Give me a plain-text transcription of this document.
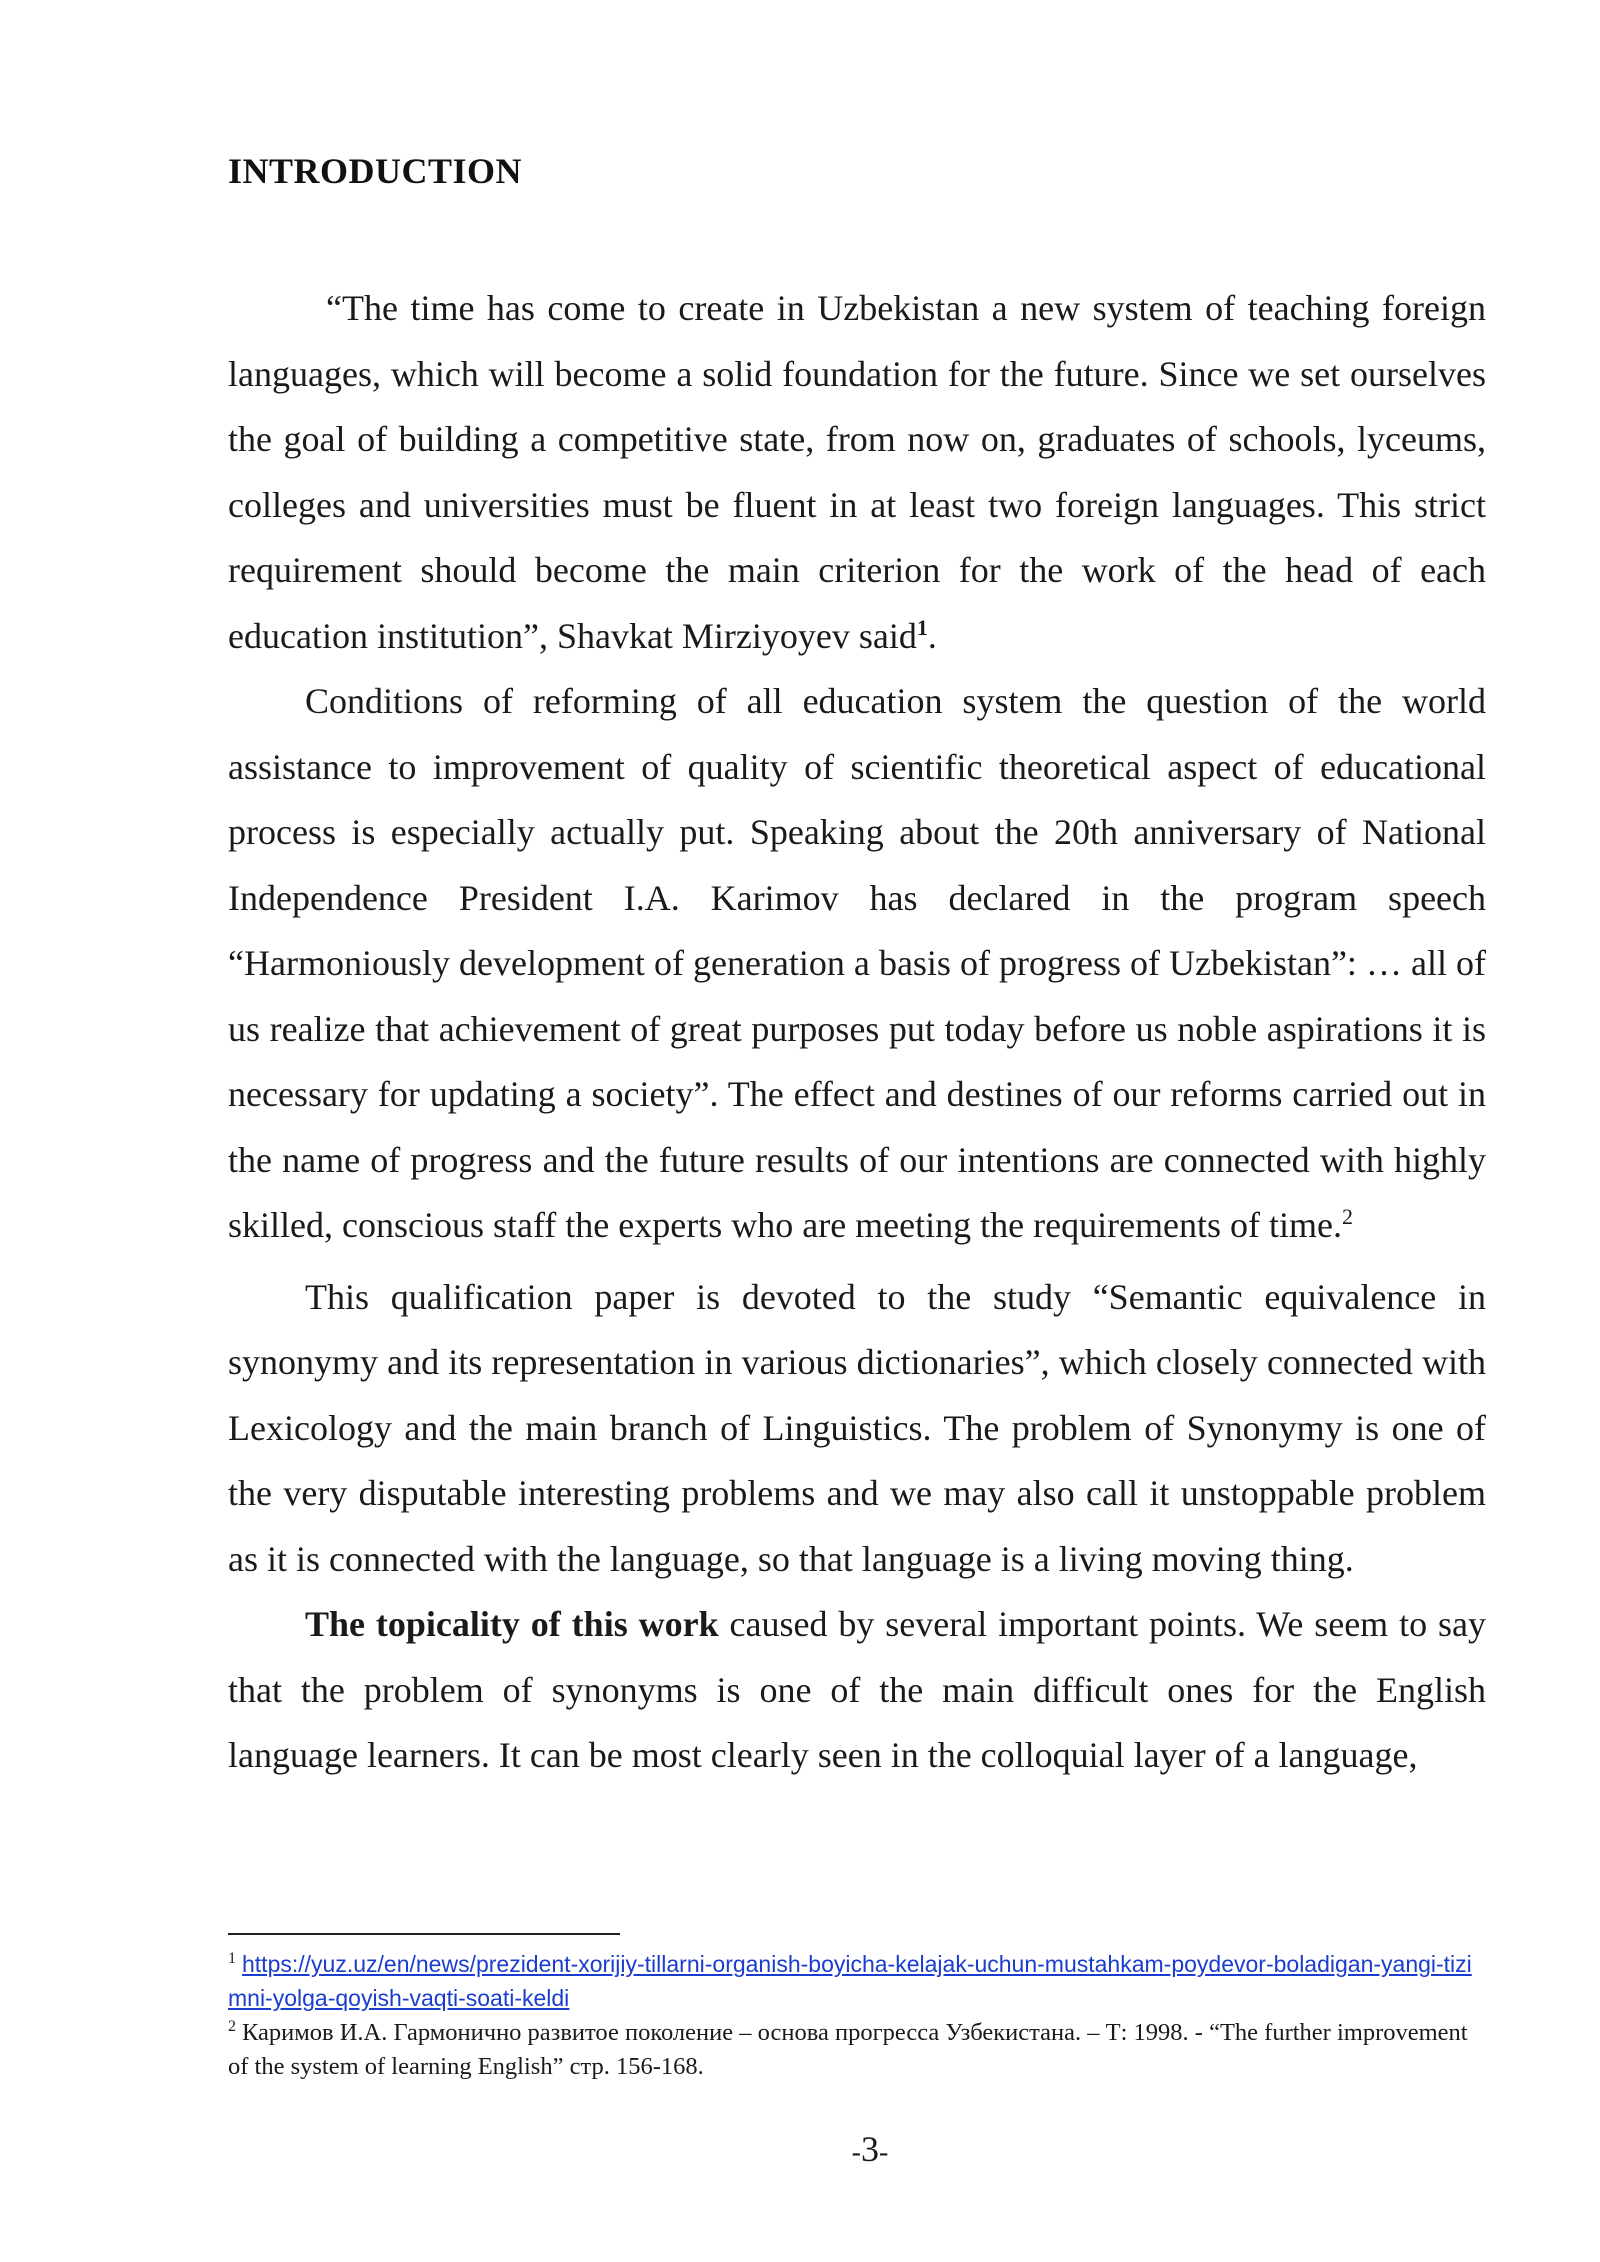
INTRODUCTION

“The time has come to create in Uzbekistan a new system of teaching foreign languages, which will become a solid foundation for the future. Since we set ourselves the goal of building a competitive state, from now on, graduates of schools, lyceums, colleges and universities must be fluent in at least two foreign languages. This strict requirement should become the main criterion for the work of the head of each education institution”, Shavkat Mirziyoyev said$^1$.

Conditions of reforming of all education system the question of the world assistance to improvement of quality of scientific theoretical aspect of educational process is especially actually put. Speaking about the 20th anniversary of National Independence President I.A. Karimov has declared in the program speech “Harmoniously development of generation a basis of progress of Uzbekistan”: … all of us realize that achievement of great purposes put today before us noble aspirations it is necessary for updating a society”. The effect and destines of our reforms carried out in the name of progress and the future results of our intentions are connected with highly skilled, conscious staff the experts who are meeting the requirements of time.$^2$

This qualification paper is devoted to the study “Semantic equivalence in synonymy and its representation in various dictionaries”, which closely connected with Lexicology and the main branch of Linguistics. The problem of Synonymy is one of the very disputable interesting problems and we may also call it unstoppable problem as it is connected with the language, so that language is a living moving thing.

The topicality of this work caused by several important points. We seem to say that the problem of synonyms is one of the main difficult ones for the English language learners. It can be most clearly seen in the colloquial layer of a language,

$^1$ https://yuz.uz/en/news/prezident-xorijiy-tillarni-organish-boyicha-kelajak-uchun-mustahkam-poydevor-boladigan-yangi-tizimni-yolga-qoyish-vaqti-soati-keldi

$^2$ Каримов И.А. Гармонично развитое поколение – основа прогресса Узбекистана. – Т: 1998. - “The further improvement of the system of learning English” стр. 156-168.

-3-
